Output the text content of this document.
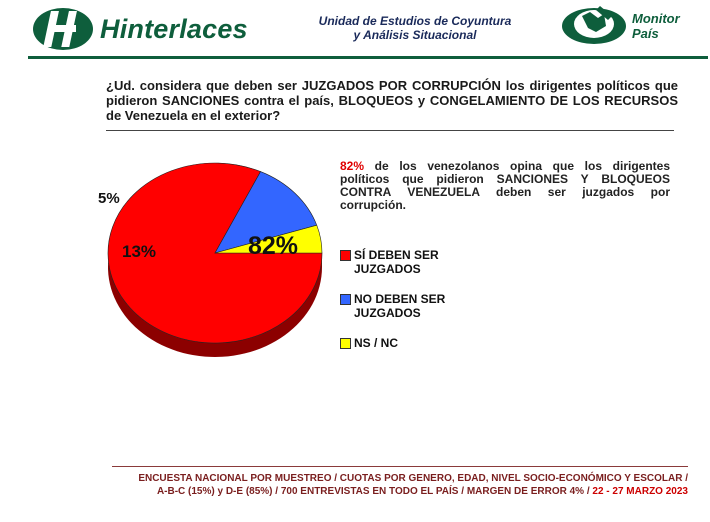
Hinterlaces	Unidad de Estudios de Coyuntura
y Análisis Situacional
Monitor
País
¿Ud. considera que deben ser JUZGADOS POR CORRUPCIÓN los dirigentes políticos que pidieron SANCIONES contra el país, BLOQUEOS y CONGELAMIENTO DE LOS RECURSOS de Venezuela en el exterior?
82%
13%
5%
82% de los venezolanos opina que los dirigentes políticos que pidieron SANCIONES Y BLOQUEOS CONTRA VENEZUELA deben ser juzgados por corrupción.
SÍ DEBEN SER JUZGADOS
NO DEBEN SER JUZGADOS
NS / NC
ENCUESTA NACIONAL POR MUESTREO / CUOTAS POR GENERO, EDAD, NIVEL SOCIO-ECONÓMICO Y ESCOLAR /
A-B-C (15%) y D-E (85%) / 700 ENTREVISTAS EN TODO EL PAÍS / MARGEN DE ERROR 4% / 22 - 27 MARZO 2023
